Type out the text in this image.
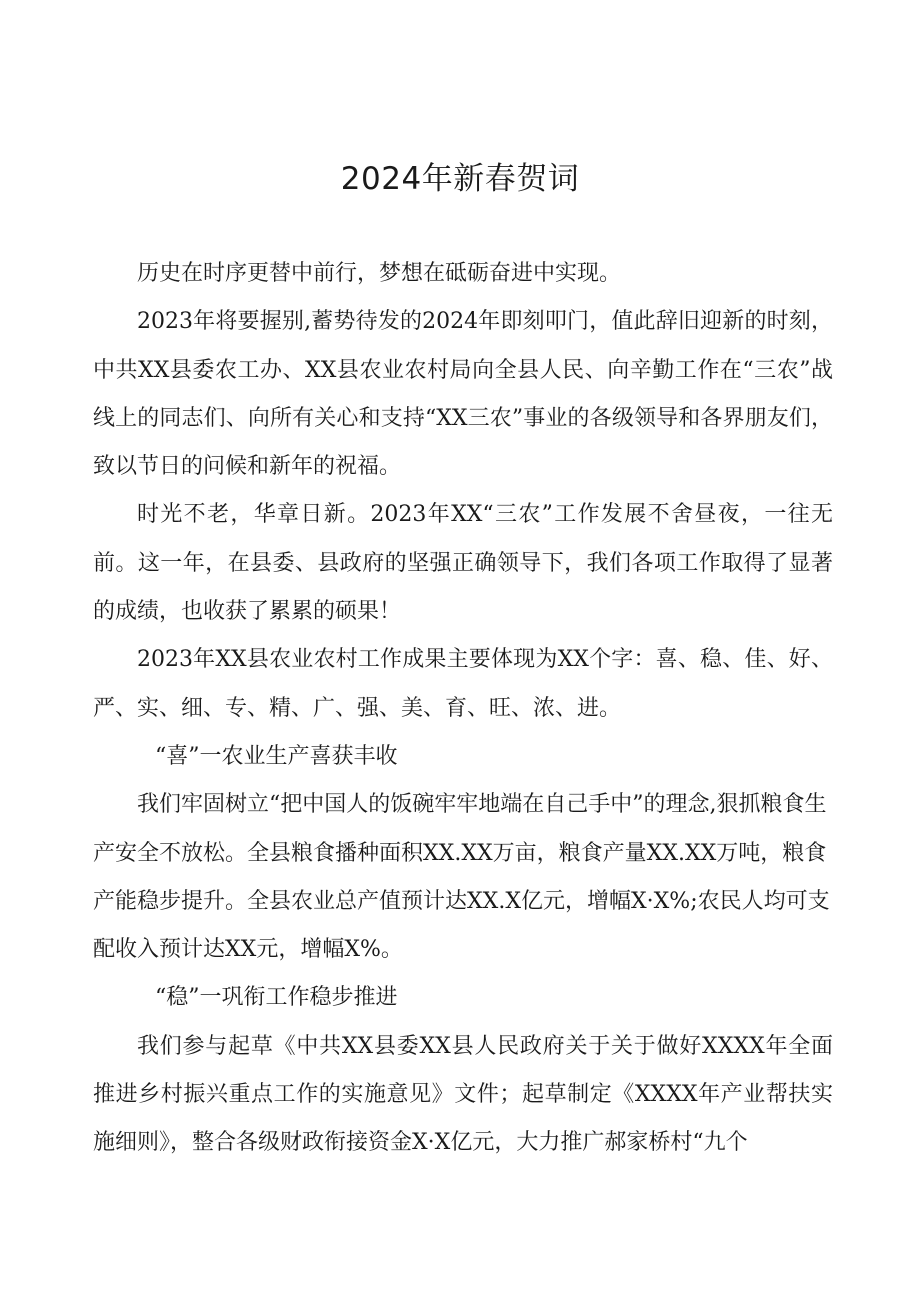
2024年新春贺词

历史在时序更替中前行，梦想在砥砺奋进中实现。

2023年将要握别,蓄势待发的2024年即刻叩门，值此辞旧迎新的时刻，中共XX县委农工办、XX县农业农村局向全县人民、向辛勤工作在“三农”战线上的同志们、向所有关心和支持“XX三农”事业的各级领导和各界朋友们，致以节日的问候和新年的祝福。

时光不老，华章日新。2023年XX“三农”工作发展不舍昼夜，一往无前。这一年，在县委、县政府的坚强正确领导下，我们各项工作取得了显著的成绩，也收获了累累的硕果！

2023年XX县农业农村工作成果主要体现为XX个字：喜、稳、佳、好、严、实、细、专、精、广、强、美、育、旺、浓、进。

“喜”一农业生产喜获丰收

我们牢固树立“把中国人的饭碗牢牢地端在自己手中”的理念,狠抓粮食生产安全不放松。全县粮食播种面积XX.XX万亩，粮食产量XX.XX万吨，粮食产能稳步提升。全县农业总产值预计达XX.X亿元，增幅X·X%;农民人均可支配收入预计达XX元，增幅X%。

“稳”一巩衔工作稳步推进

我们参与起草《中共XX县委XX县人民政府关于关于做好XXXX年全面推进乡村振兴重点工作的实施意见》文件；起草制定《XXXX年产业帮扶实施细则》，整合各级财政衔接资金X·X亿元，大力推广郝家桥村“九个
